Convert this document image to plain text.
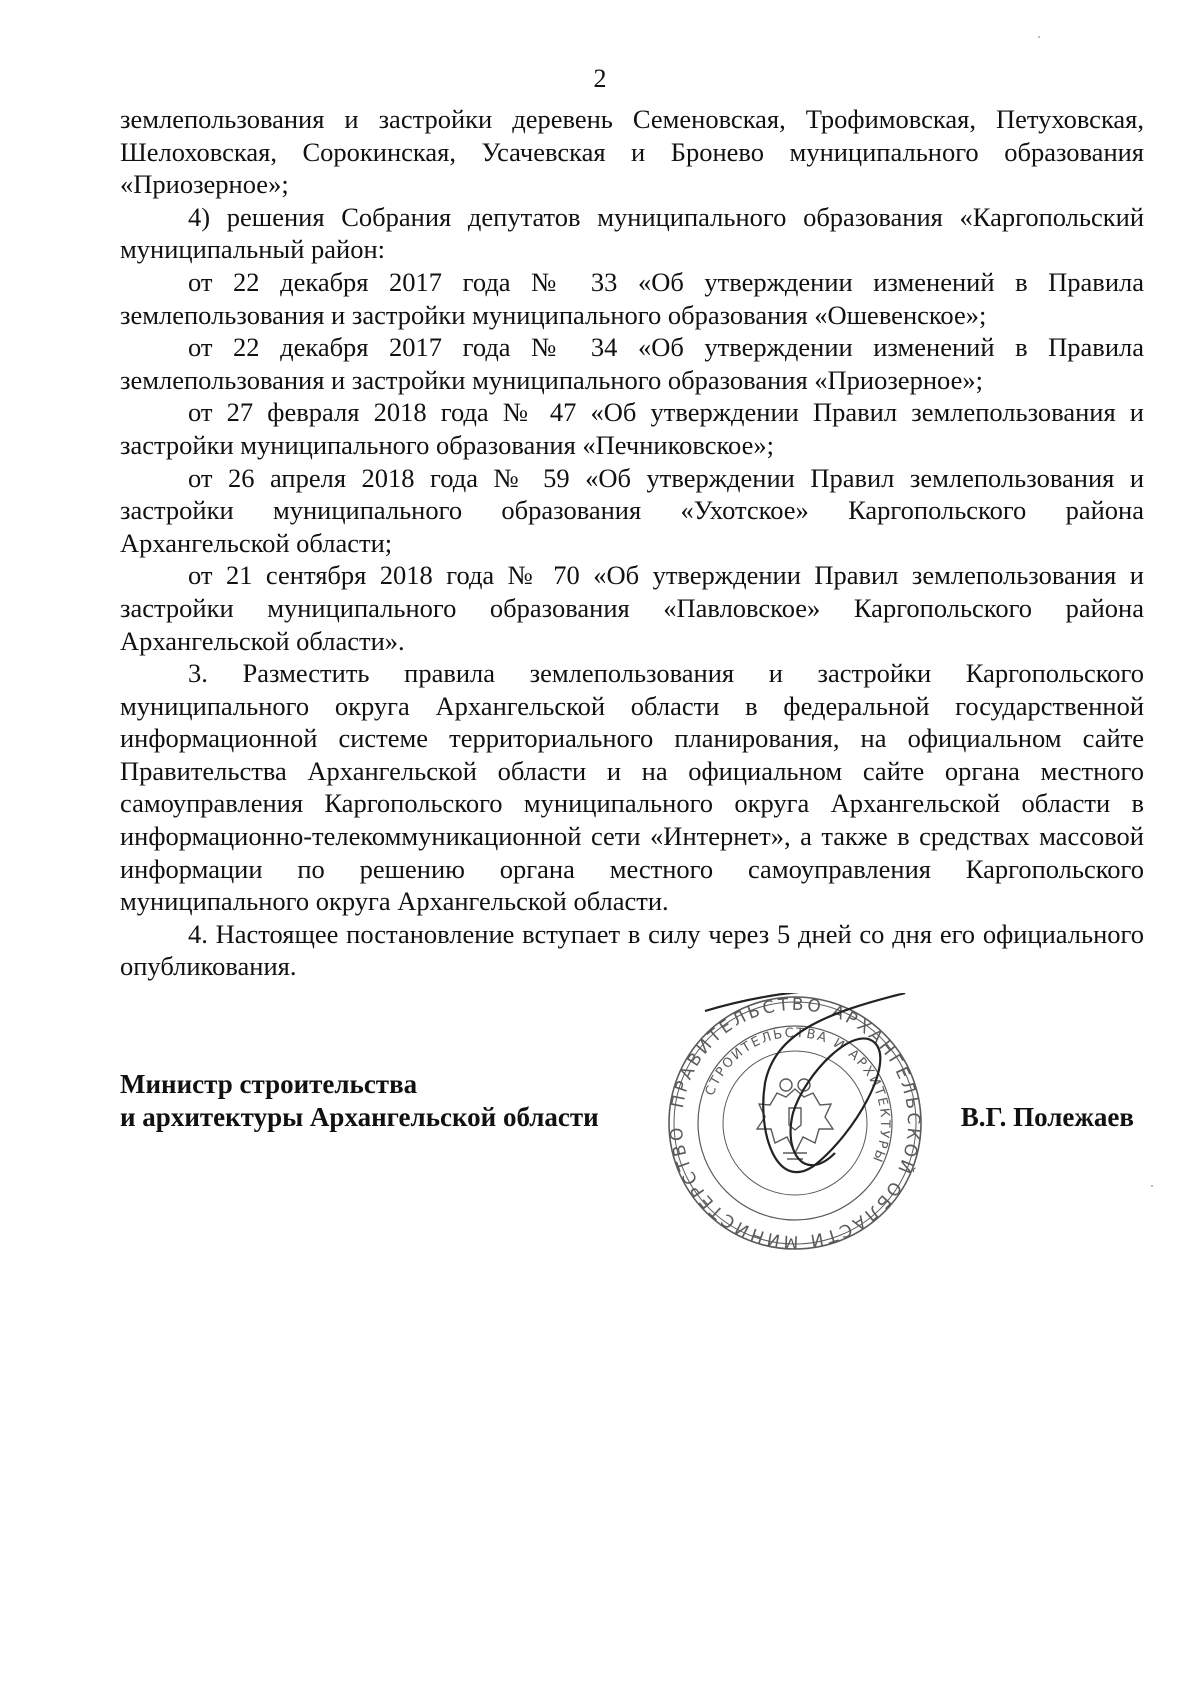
2

землепользования и застройки деревень Семеновская, Трофимовская, Петуховская, Шелоховская, Сорокинская, Усачевская и Бронево муниципального образования «Приозерное»;

4) решения Собрания депутатов муниципального образования «Каргопольский муниципальный район:

от 22 декабря 2017 года № 33 «Об утверждении изменений в Правила землепользования и застройки муниципального образования «Ошевенское»;

от 22 декабря 2017 года № 34 «Об утверждении изменений в Правила землепользования и застройки муниципального образования «Приозерное»;

от 27 февраля 2018 года № 47 «Об утверждении Правил землепользования и застройки муниципального образования «Печниковское»;

от 26 апреля 2018 года № 59 «Об утверждении Правил землепользования и застройки муниципального образования «Ухотское» Каргопольского района Архангельской области;

от 21 сентября 2018 года № 70 «Об утверждении Правил землепользования и застройки муниципального образования «Павловское» Каргопольского района Архангельской области».

3. Разместить правила землепользования и застройки Каргопольского муниципального округа Архангельской области в федеральной государственной информационной системе территориального планирования, на официальном сайте Правительства Архангельской области и на официальном сайте органа местного самоуправления Каргопольского муниципального округа Архангельской области в информационно-телекоммуникационной сети «Интернет», а также в средствах массовой информации по решению органа местного самоуправления Каргопольского муниципального округа Архангельской области.

4. Настоящее постановление вступает в силу через 5 дней со дня его официального опубликования.

Министр строительства
и архитектуры Архангельской области	В.Г. Полежаев
ПРАВИТЕЛЬСТВО АРХАНГЕЛЬСКОЙ ОБЛАСТИ МИНИСТЕРСТВО
СТРОИТЕЛЬСТВА И АРХИТЕКТУРЫ
